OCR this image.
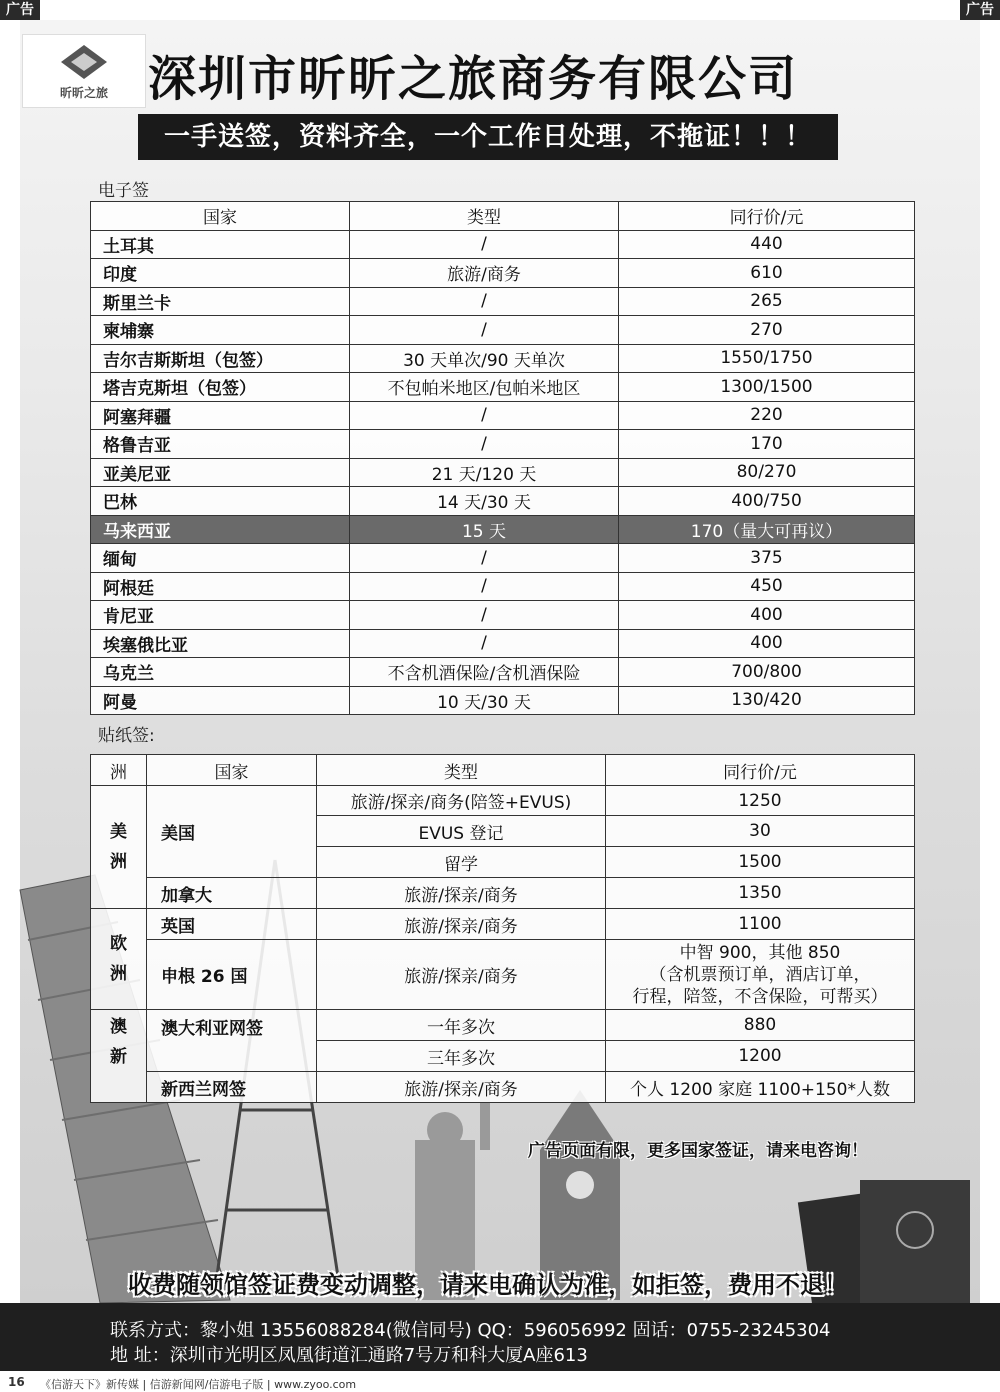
广告	广告
昕昕之旅 深圳市昕昕之旅商务有限公司
一手送签，资料齐全，一个工作日处理，不拖证！！！
电子签
国家	类型	同行价/元
土耳其	/	440
印度	旅游/商务	610
斯里兰卡	/	265
柬埔寨	/	270
吉尔吉斯斯坦（包签）	30 天单次/90 天单次	1550/1750
塔吉克斯坦（包签）	不包帕米地区/包帕米地区	1300/1500
阿塞拜疆	/	220
格鲁吉亚	/	170
亚美尼亚	21 天/120 天	80/270
巴林	14 天/30 天	400/750
马来西亚	15 天	170（量大可再议）
缅甸	/	375
阿根廷	/	450
肯尼亚	/	400
埃塞俄比亚	/	400
乌克兰	不含机酒保险/含机酒保险	700/800
阿曼	10 天/30 天	130/420
贴纸签:
洲	国家	类型	同行价/元
美洲	美国	旅游/探亲/商务(陪签+EVUS)	1250
		EVUS 登记	30
		留学	1500
	加拿大	旅游/探亲/商务	1350
欧洲	英国	旅游/探亲/商务	1100
	申根 26 国	旅游/探亲/商务	中智 900，其他 850
（含机票预订单，酒店订单，
行程，陪签，不含保险，可帮买）

澳新	澳大利亚网签	一年多次	880
		三年多次	1200
	新西兰网签	旅游/探亲/商务	个人 1200 家庭 1100+150*人数
广告页面有限，更多国家签证，请来电咨询！
收费随领馆签证费变动调整，请来电确认为准，如拒签，费用不退！
联系方式：黎小姐 13556088284(微信同号) QQ：596056992 固话：0755-23245304
地 址：深圳市光明区凤凰街道汇通路7号万和科大厦A座613
16 《信游天下》新传媒 | 信游新闻网/信游电子版 | www.zyoo.com
